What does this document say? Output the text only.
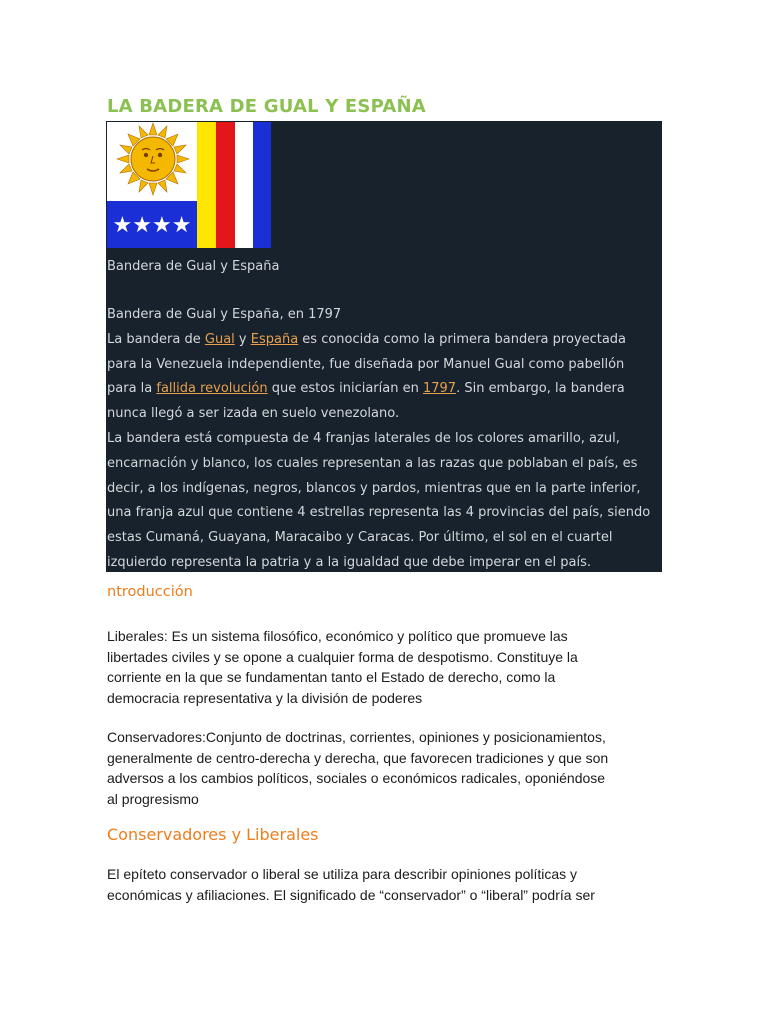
LA BADERA DE GUAL Y ESPAÑA
★★★★
Bandera de Gual y España
Bandera de Gual y España, en 1797
La bandera de Gual y España es conocida como la primera bandera proyectada
para la Venezuela independiente, fue diseñada por Manuel Gual como pabellón
para la fallida revolución que estos iniciarían en 1797. Sin embargo, la bandera
nunca llegó a ser izada en suelo venezolano.
La bandera está compuesta de 4 franjas laterales de los colores amarillo, azul,
encarnación y blanco, los cuales representan a las razas que poblaban el país, es
decir, a los indígenas, negros, blancos y pardos, mientras que en la parte inferior,
una franja azul que contiene 4 estrellas representa las 4 provincias del país, siendo
estas Cumaná, Guayana, Maracaibo y Caracas. Por último, el sol en el cuartel
izquierdo representa la patria y a la igualdad que debe imperar en el país.
ntroducción
Liberales: Es un sistema filosófico, económico y político que promueve las
libertades civiles y se opone a cualquier forma de despotismo. Constituye la
corriente en la que se fundamentan tanto el Estado de derecho, como la
democracia representativa y la división de poderes
Conservadores:Conjunto de doctrinas, corrientes, opiniones y posicionamientos,
generalmente de centro-derecha y derecha, que favorecen tradiciones y que son
adversos a los cambios políticos, sociales o económicos radicales, oponiéndose
al progresismo
Conservadores y Liberales
El epíteto conservador o liberal se utiliza para describir opiniones políticas y
económicas y afiliaciones. El significado de “conservador” o “liberal” podría ser
